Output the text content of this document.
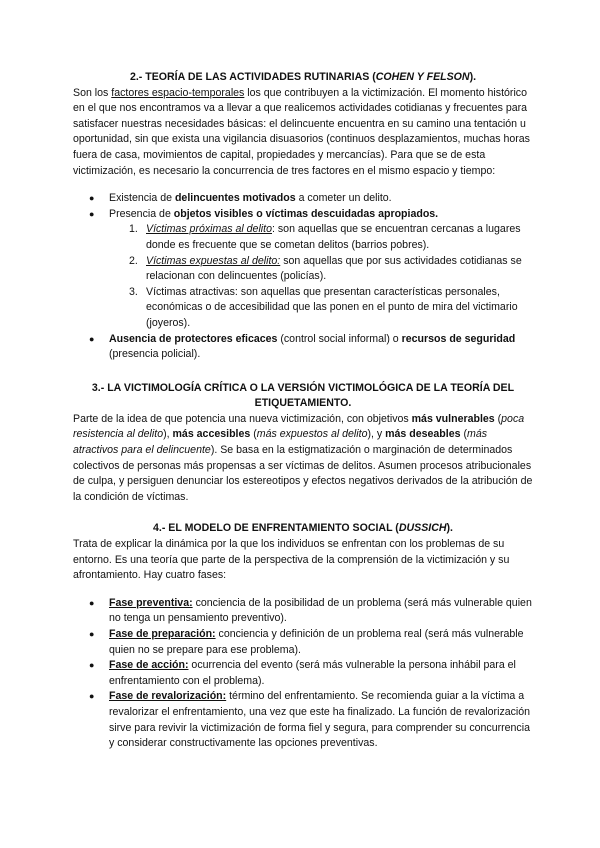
2.- TEORÍA DE LAS ACTIVIDADES RUTINARIAS (COHEN Y FELSON).

Son los factores espacio-temporales los que contribuyen a la victimización. El momento histórico en el que nos encontramos va a llevar a que realicemos actividades cotidianas y frecuentes para satisfacer nuestras necesidades básicas: el delincuente encuentra en su camino una tentación u oportunidad, sin que exista una vigilancia disuasorios (continuos desplazamientos, muchas horas fuera de casa, movimientos de capital, propiedades y mercancías). Para que se de esta victimización, es necesario la concurrencia de tres factores en el mismo espacio y tiempo:

● Existencia de delincuentes motivados a cometer un delito.
● Presencia de objetos visibles o víctimas descuidadas apropiados.
1. Víctimas próximas al delito: son aquellas que se encuentran cercanas a lugares donde es frecuente que se cometan delitos (barrios pobres).
2. Víctimas expuestas al delito: son aquellas que por sus actividades cotidianas se relacionan con delincuentes (policías).
3. Víctimas atractivas: son aquellas que presentan características personales, económicas o de accesibilidad que las ponen en el punto de mira del victimario (joyeros).
● Ausencia de protectores eficaces (control social informal) o recursos de seguridad (presencia policial).

3.- LA VICTIMOLOGÍA CRÍTICA O LA VERSIÓN VICTIMOLÓGICA DE LA TEORÍA DEL ETIQUETAMIENTO.

Parte de la idea de que potencia una nueva victimización, con objetivos más vulnerables (poca resistencia al delito), más accesibles (más expuestos al delito), y más deseables (más atractivos para el delincuente). Se basa en la estigmatización o marginación de determinados colectivos de personas más propensas a ser víctimas de delitos. Asumen procesos atribucionales de culpa, y persiguen denunciar los estereotipos y efectos negativos derivados de la atribución de la condición de víctimas.

4.- EL MODELO DE ENFRENTAMIENTO SOCIAL (DUSSICH).

Trata de explicar la dinámica por la que los individuos se enfrentan con los problemas de su entorno. Es una teoría que parte de la perspectiva de la comprensión de la victimización y su afrontamiento. Hay cuatro fases:

● Fase preventiva: conciencia de la posibilidad de un problema (será más vulnerable quien no tenga un pensamiento preventivo).
● Fase de preparación: conciencia y definición de un problema real (será más vulnerable quien no se prepare para ese problema).
● Fase de acción: ocurrencia del evento (será más vulnerable la persona inhábil para el enfrentamiento con el problema).
● Fase de revalorización: término del enfrentamiento. Se recomienda guiar a la víctima a revalorizar el enfrentamiento, una vez que este ha finalizado. La función de revalorización sirve para revivir la victimización de forma fiel y segura, para comprender su concurrencia y considerar constructivamente las opciones preventivas.
